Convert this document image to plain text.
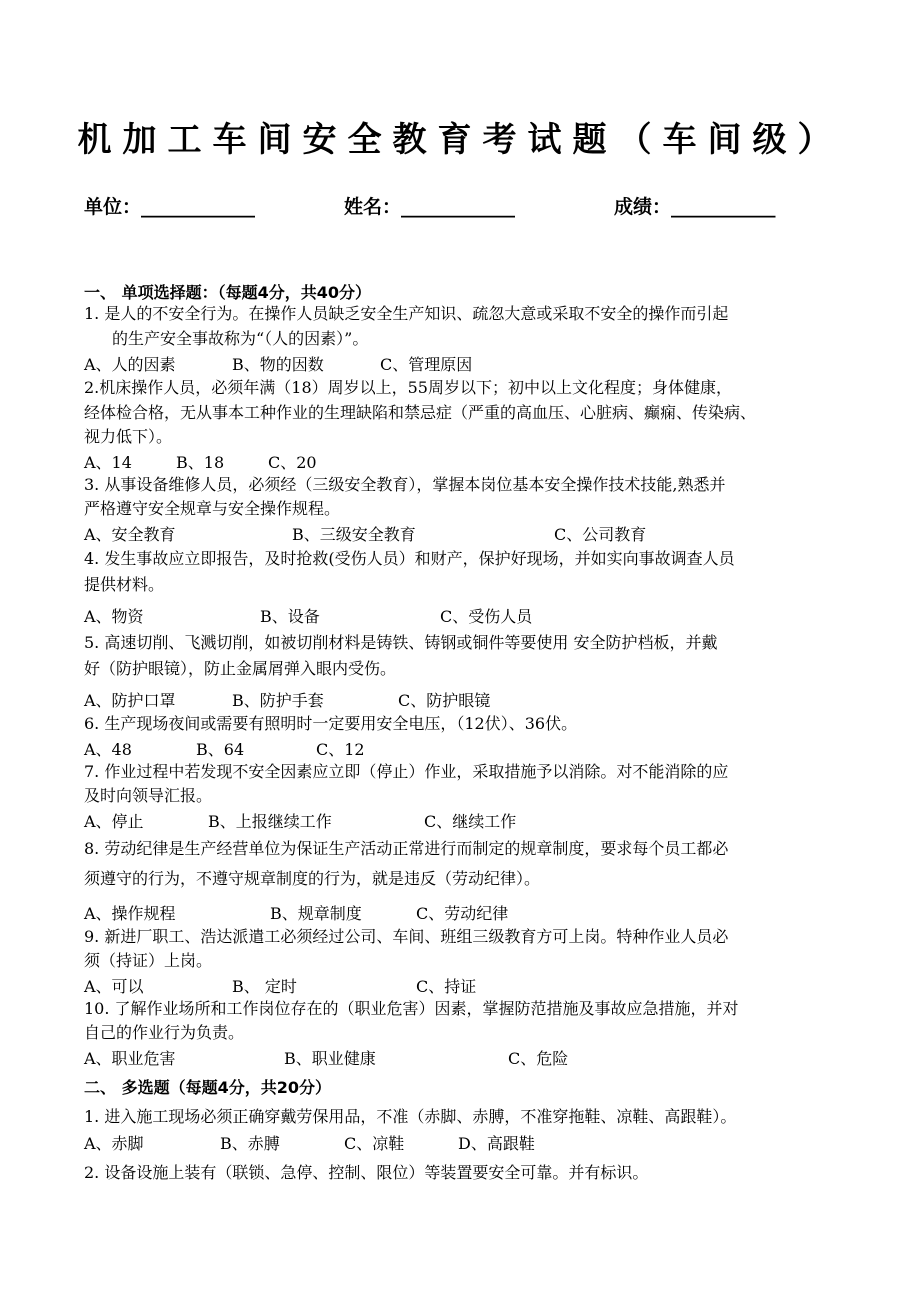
机加工车间安全教育考试题（车间级）
单位：____________	姓名：____________	成绩：___________
一、 单项选择题：（每题4分，共40分）
1. 是人的不安全行为。在操作人员缺乏安全生产知识、疏忽大意或采取不安全的操作而引起
的生产安全事故称为“（人的因素）”。
A、人的因素	B、物的因数	C、管理原因
2.机床操作人员，必须年满（18）周岁以上，55周岁以下；初中以上文化程度；身体健康，
经体检合格，无从事本工种作业的生理缺陷和禁忌症（严重的高血压、心脏病、癫痫、传染病、
视力低下）。
A、14	B、18	C、20
3. 从事设备维修人员，必须经（三级安全教育），掌握本岗位基本安全操作技术技能,熟悉并
严格遵守安全规章与安全操作规程。
A、安全教育	B、三级安全教育	C、公司教育
4. 发生事故应立即报告，及时抢救(受伤人员）和财产，保护好现场，并如实向事故调查人员
提供材料。
A、物资	B、设备	C、受伤人员
5. 高速切削、飞溅切削，如被切削材料是铸铁、铸钢或铜件等要使用 安全防护档板，并戴
好（防护眼镜），防止金属屑弹入眼内受伤。
A、防护口罩	B、防护手套	C、防护眼镜
6. 生产现场夜间或需要有照明时一定要用安全电压，（12伏）、36伏。
A、48	B、64	C、12
7. 作业过程中若发现不安全因素应立即（停止）作业，采取措施予以消除。对不能消除的应
及时向领导汇报。
A、停止	B、上报继续工作	C、继续工作
8. 劳动纪律是生产经营单位为保证生产活动正常进行而制定的规章制度，要求每个员工都必
须遵守的行为，不遵守规章制度的行为，就是违反（劳动纪律）。
A、操作规程	B、规章制度	C、劳动纪律
9. 新进厂职工、浩达派遣工必须经过公司、车间、班组三级教育方可上岗。特种作业人员必
须（持证）上岗。
A、可以	B、 定时	C、持证
10. 了解作业场所和工作岗位存在的（职业危害）因素，掌握防范措施及事故应急措施，并对
自己的作业行为负责。
A、职业危害	B、职业健康	C、危险
二、 多选题（每题4分，共20分）
1. 进入施工现场必须正确穿戴劳保用品，不准（赤脚、赤膊，不准穿拖鞋、凉鞋、高跟鞋）。
A、赤脚	B、赤膊	C、凉鞋	D、高跟鞋
2. 设备设施上装有（联锁、急停、控制、限位）等装置要安全可靠。并有标识。
